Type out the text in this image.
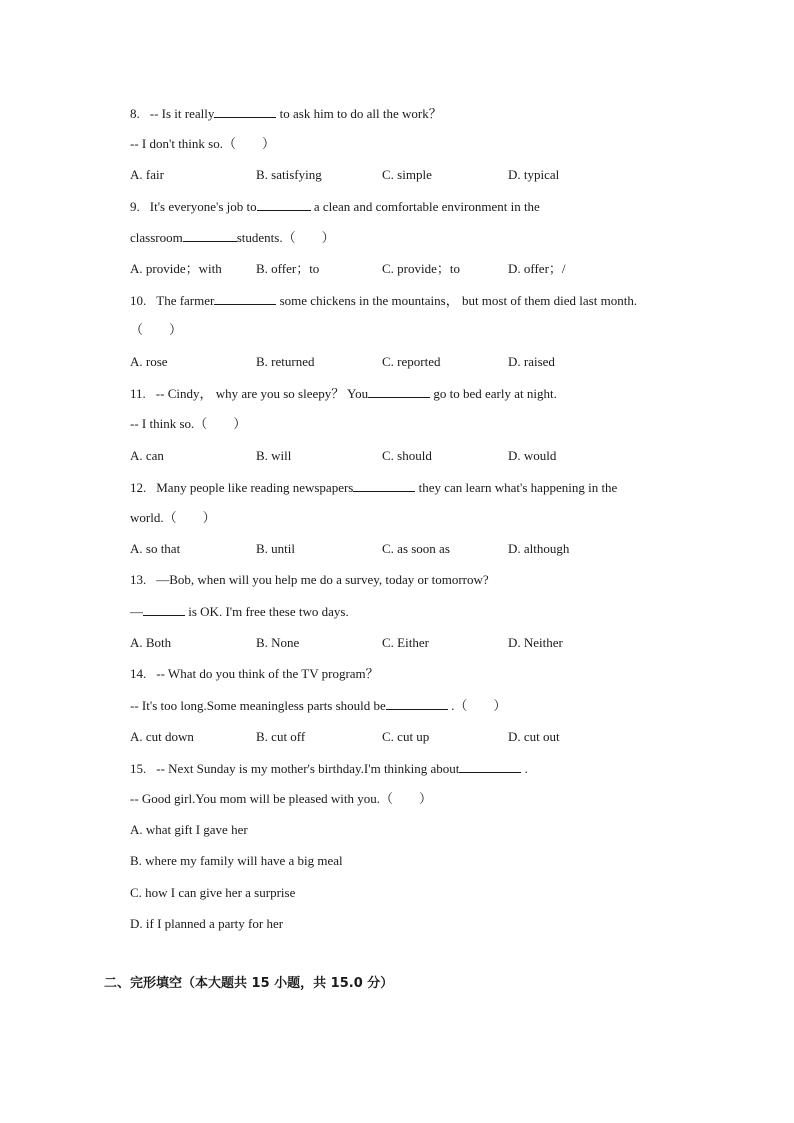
8. -- Is it really	to ask him to do all the work？
-- I don't think so.（　　）
A. fair	B. satisfying	C. simple	D. typical
9. It's everyone's job to	a clean and comfortable environment in the
classroom	students.（　　）
A. provide；with	B. offer；to	C. provide；to	D. offer；/
10. The farmer	some chickens in the mountains， but most of them died last month.
（　　）
A. rose	B. returned	C. reported	D. raised
11. -- Cindy， why are you so sleepy？ You	go to bed early at night.
-- I think so.（　　）
A. can	B. will	C. should	D. would
12. Many people like reading newspapers	they can learn what's happening in the
world.（　　）
A. so that	B. until	C. as soon as	D. although
13. —Bob, when will you help me do a survey, today or tomorrow?
—	is OK. I'm free these two days.
A. Both	B. None	C. Either	D. Neither
14. -- What do you think of the TV program？
-- It's too long.Some meaningless parts should be	.（　　）
A. cut down	B. cut off	C. cut up	D. cut out
15. -- Next Sunday is my mother's birthday.I'm thinking about	.
-- Good girl.You mom will be pleased with you.（　　）
A. what gift I gave her
B. where my family will have a big meal
C. how I can give her a surprise
D. if I planned a party for her
二、完形填空（本大题共 15 小题，共 15.0 分）
